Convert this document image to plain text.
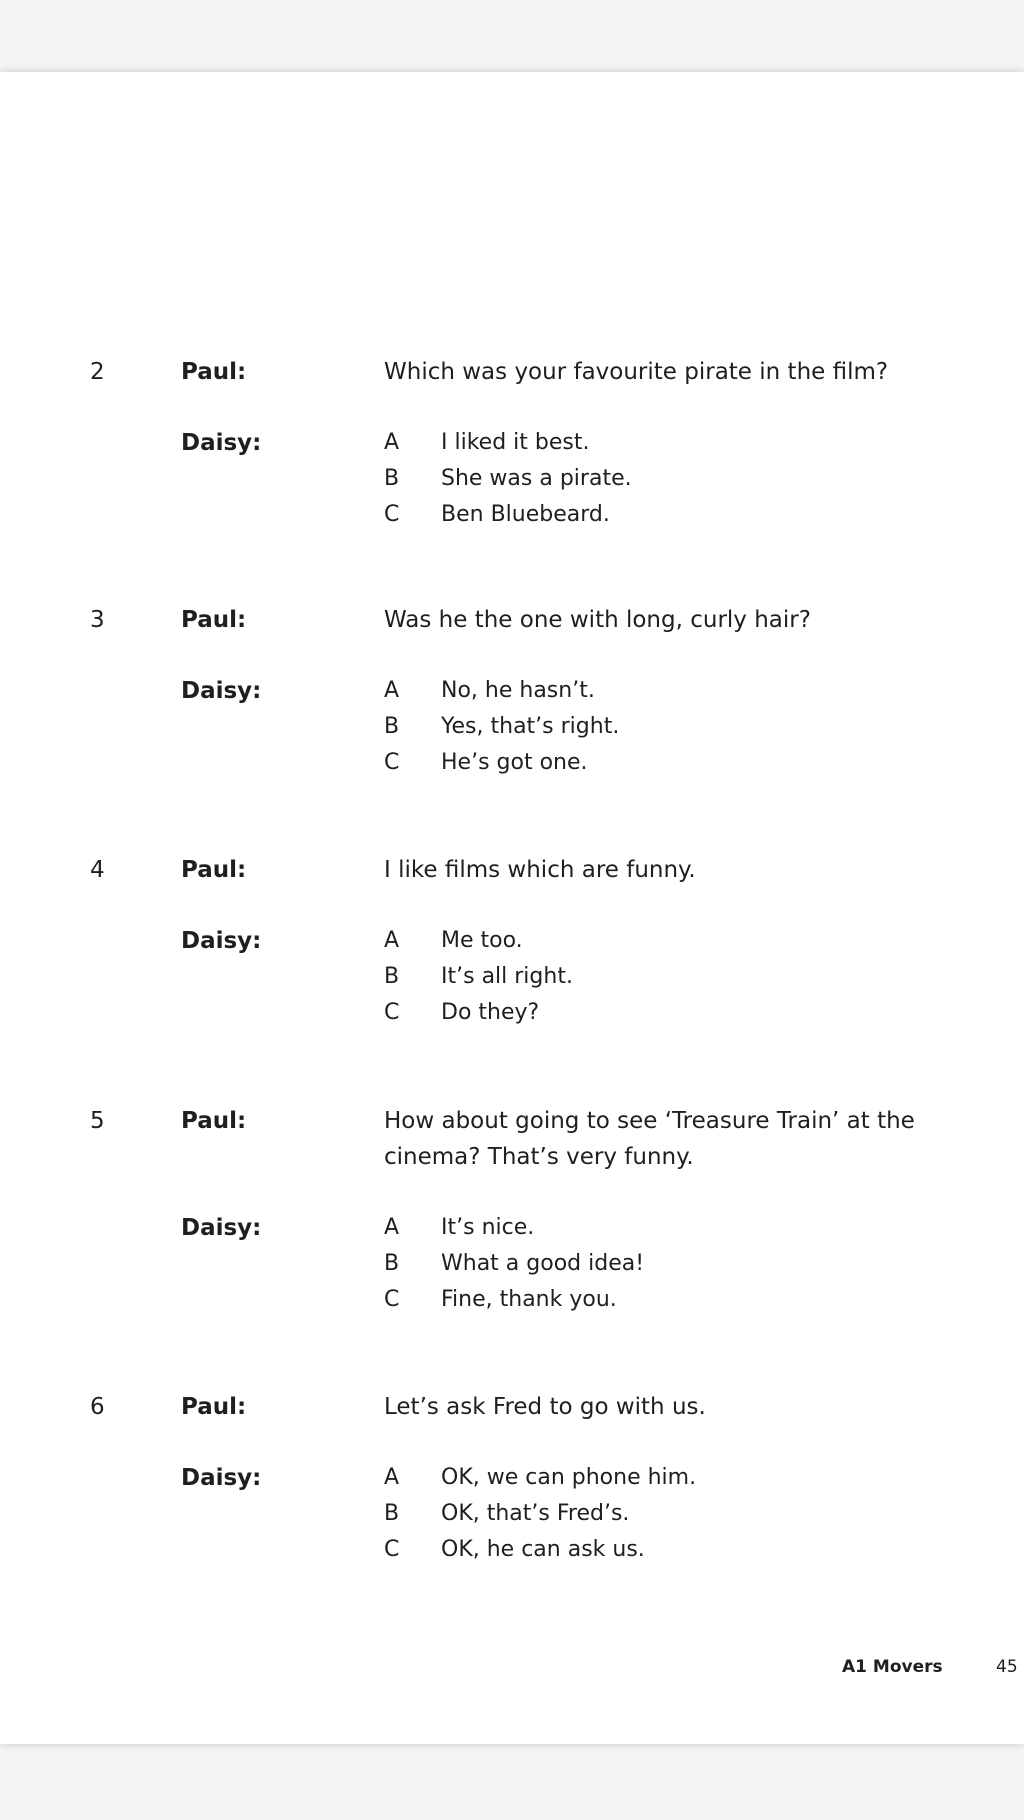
2	Paul:	Which was your favourite pirate in the film?
Daisy:	A	I liked it best.
B	She was a pirate.
C	Ben Bluebeard.
3	Paul:	Was he the one with long, curly hair?
Daisy:	A	No, he hasn’t.
B	Yes, that’s right.
C	He’s got one.
4	Paul:	I like films which are funny.
Daisy:	A	Me too.
B	It’s all right.
C	Do they?
5	Paul:	How about going to see ‘Treasure Train’ at the cinema? That’s very funny.
Daisy:	A	It’s nice.
B	What a good idea!
C	Fine, thank you.
6	Paul:	Let’s ask Fred to go with us.
Daisy:	A	OK, we can phone him.
B	OK, that’s Fred’s.
C	OK, he can ask us.
A1 Movers	45
